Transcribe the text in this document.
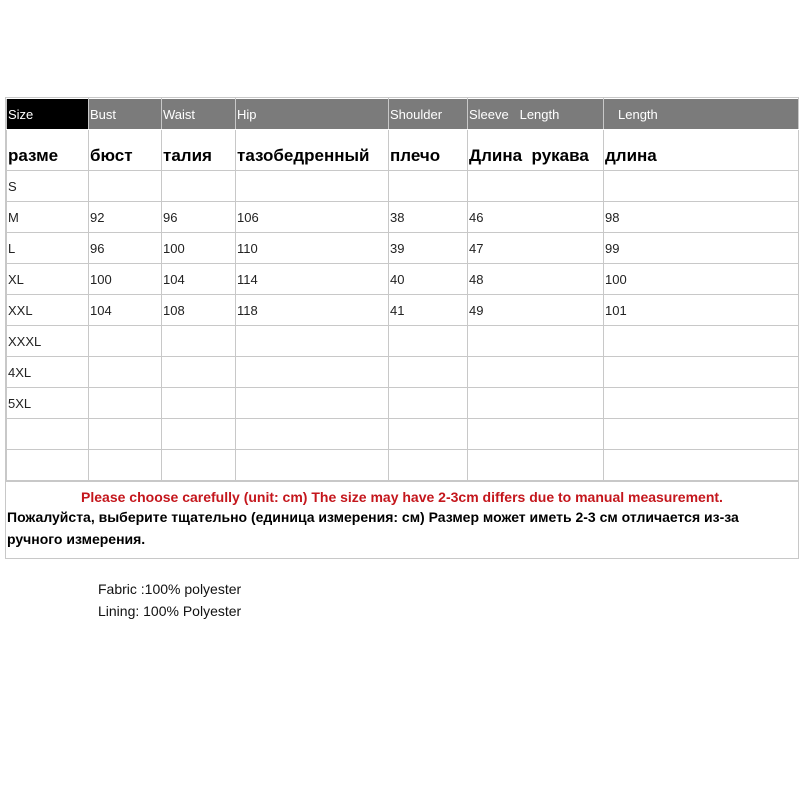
Size	Bust	Waist	Hip	Shoulder	Sleeve   Length	Length
разме	бюст	талия	тазобедренный	плечо	Длина  рукава	длина
S						
M	92	96	106	38	46	98
L	96	100	110	39	47	99
XL	100	104	114	40	48	100
XXL	104	108	118	41	49	101
XXXL						
4XL						
5XL						

Please choose carefully (unit: cm) The size may have 2-3cm differs due to manual measurement.
Пожалуйста, выберите тщательно (единица измерения: см) Размер может иметь 2-3 см отличается из-за ручного измерения.
Fabric :100% polyester
Lining: 100% Polyester
